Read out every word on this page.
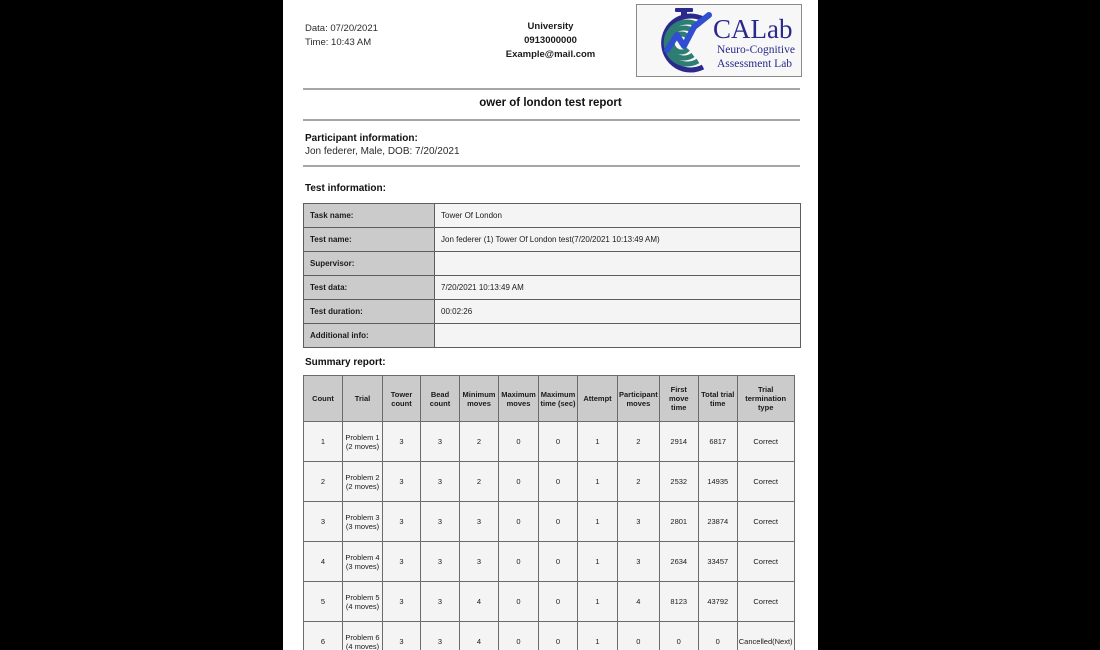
Data: 07/20/2021
Time: 10:43 AM
University
0913000000
Example@mail.com
CALab
Neuro-Cognitive
Assessment Lab
ower of london test report
Participant information:
Jon federer, Male, DOB: 7/20/2021
Test information:
Task name:	Tower Of London
Test name:	Jon federer (1) Tower Of London test(7/20/2021 10:13:49 AM)
Supervisor:	
Test data:	7/20/2021 10:13:49 AM
Test duration:	00:02:26
Additional info:	
Summary report:
Count	Trial	Tower count	Bead count	Minimum moves	Maximum moves	Maximum time (sec)	Attempt	Participant moves	First move time	Total trial time	Trial termination type
1	Problem 1 (2 moves)	3	3	2	0	0	1	2	2914	6817	Correct
2	Problem 2 (2 moves)	3	3	2	0	0	1	2	2532	14935	Correct
3	Problem 3 (3 moves)	3	3	3	0	0	1	3	2801	23874	Correct
4	Problem 4 (3 moves)	3	3	3	0	0	1	3	2634	33457	Correct
5	Problem 5 (4 moves)	3	3	4	0	0	1	4	8123	43792	Correct
6	Problem 6 (4 moves)	3	3	4	0	0	1	0	0	0	Cancelled(Next)
